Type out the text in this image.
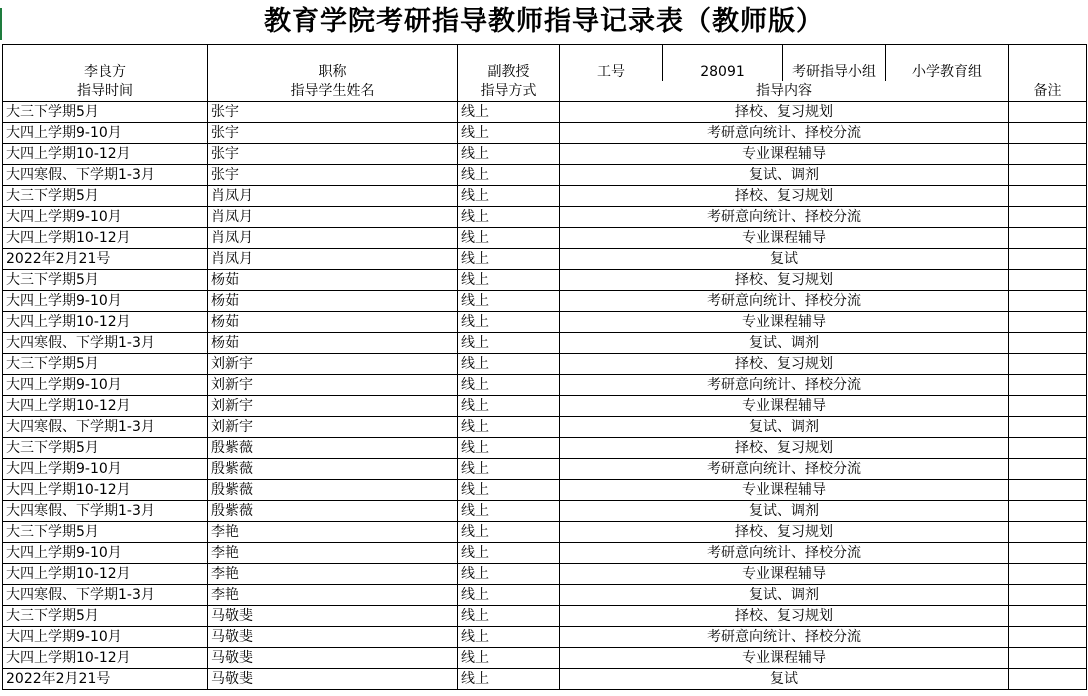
教育学院考研指导教师指导记录表（教师版）
李良方	职称	副教授	工号	28091	考研指导小组	小学教育组	
指导时间	指导学生姓名	指导方式	指导内容				备注
大三下学期5月	张宇	线上	择校、复习规划				
大四上学期9-10月	张宇	线上	考研意向统计、择校分流				
大四上学期10-12月	张宇	线上	专业课程辅导				
大四寒假、下学期1-3月	张宇	线上	复试、调剂				
大三下学期5月	肖凤月	线上	择校、复习规划				
大四上学期9-10月	肖凤月	线上	考研意向统计、择校分流				
大四上学期10-12月	肖凤月	线上	专业课程辅导				
2022年2月21号	肖凤月	线上	复试				
大三下学期5月	杨茹	线上	择校、复习规划				
大四上学期9-10月	杨茹	线上	考研意向统计、择校分流				
大四上学期10-12月	杨茹	线上	专业课程辅导				
大四寒假、下学期1-3月	杨茹	线上	复试、调剂				
大三下学期5月	刘新宇	线上	择校、复习规划				
大四上学期9-10月	刘新宇	线上	考研意向统计、择校分流				
大四上学期10-12月	刘新宇	线上	专业课程辅导				
大四寒假、下学期1-3月	刘新宇	线上	复试、调剂				
大三下学期5月	殷紫薇	线上	择校、复习规划				
大四上学期9-10月	殷紫薇	线上	考研意向统计、择校分流				
大四上学期10-12月	殷紫薇	线上	专业课程辅导				
大四寒假、下学期1-3月	殷紫薇	线上	复试、调剂				
大三下学期5月	李艳	线上	择校、复习规划				
大四上学期9-10月	李艳	线上	考研意向统计、择校分流				
大四上学期10-12月	李艳	线上	专业课程辅导				
大四寒假、下学期1-3月	李艳	线上	复试、调剂				
大三下学期5月	马敬斐	线上	择校、复习规划				
大四上学期9-10月	马敬斐	线上	考研意向统计、择校分流				
大四上学期10-12月	马敬斐	线上	专业课程辅导				
2022年2月21号	马敬斐	线上	复试				
